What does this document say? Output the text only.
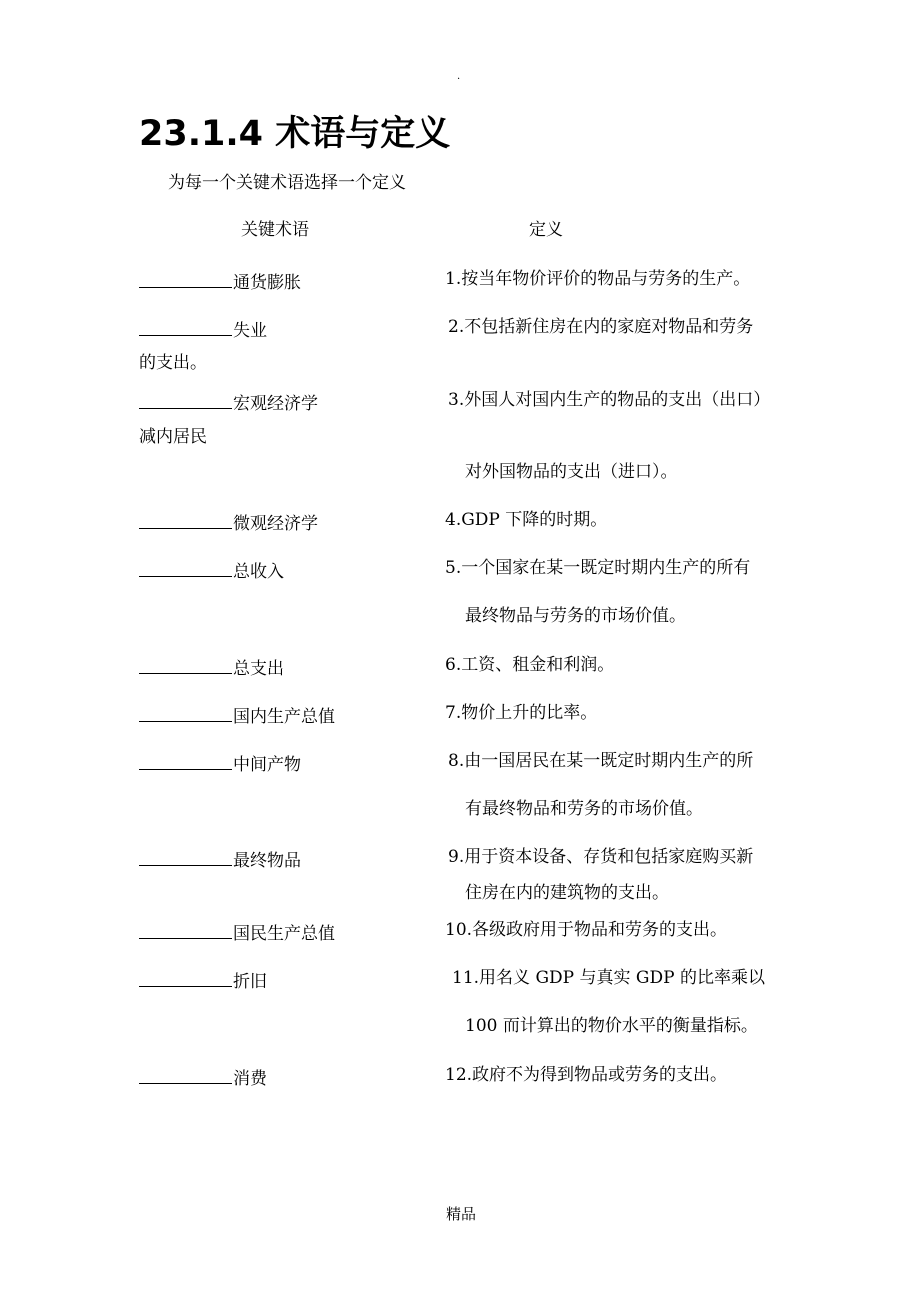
.
23.1.4 术语与定义
为每一个关键术语选择一个定义
关键术语	定义
通货膨胀
失业
宏观经济学
微观经济学
总收入
总支出
国内生产总值
中间产物
最终物品
国民生产总值
折旧
消费
1.按当年物价评价的物品与劳务的生产。
2.不包括新住房在内的家庭对物品和劳务
的支出。
3.外国人对国内生产的物品的支出（出口）
减内居民
对外国物品的支出（进口）。
4.GDP 下降的时期。
5.一个国家在某一既定时期内生产的所有
最终物品与劳务的市场价值。
6.工资、租金和利润。
7.物价上升的比率。
8.由一国居民在某一既定时期内生产的所
有最终物品和劳务的市场价值。
9.用于资本设备、存货和包括家庭购买新
住房在内的建筑物的支出。
10.各级政府用于物品和劳务的支出。
11.用名义 GDP 与真实 GDP 的比率乘以
100 而计算出的物价水平的衡量指标。
12.政府不为得到物品或劳务的支出。
精品
